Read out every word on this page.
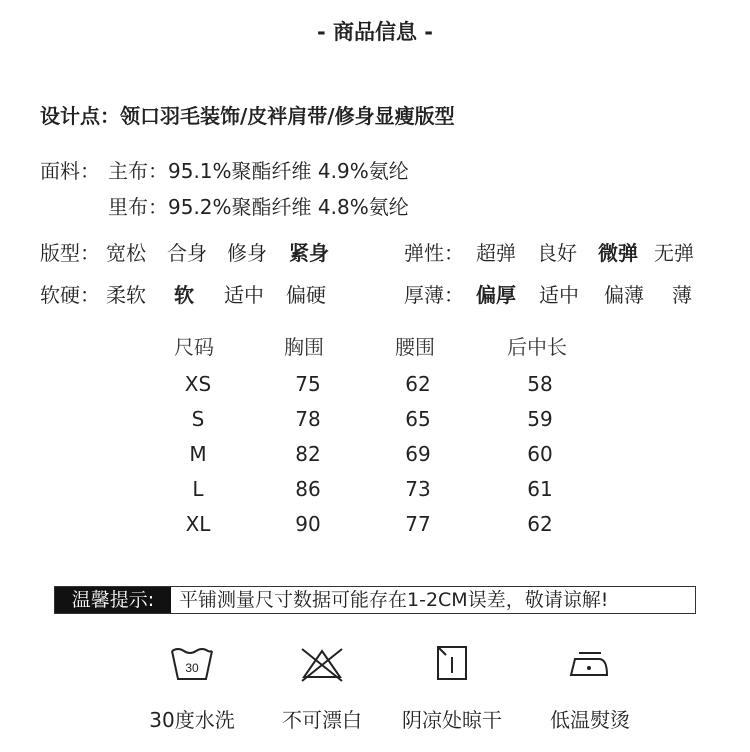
- 商品信息 -
设计点：领口羽毛装饰/皮袢肩带/修身显瘦版型
面料： 主布：95.1%聚酯纤维 4.9%氨纶
里布：95.2%聚酯纤维 4.8%氨纶
版型： 宽松 合身 修身 紧身	弹性： 超弹 良好 微弹 无弹
软硬： 柔软 软 适中 偏硬	厚薄： 偏厚 适中 偏薄 薄
尺码	胸围	腰围	后中长
XS	75	62	58
S	78	65	59
M	82	69	60
L	86	73	61
XL	90	77	62
温馨提示:	平铺测量尺寸数据可能存在1-2CM误差，敬请谅解!
30
30度水洗	不可漂白	阴凉处晾干	低温熨烫
